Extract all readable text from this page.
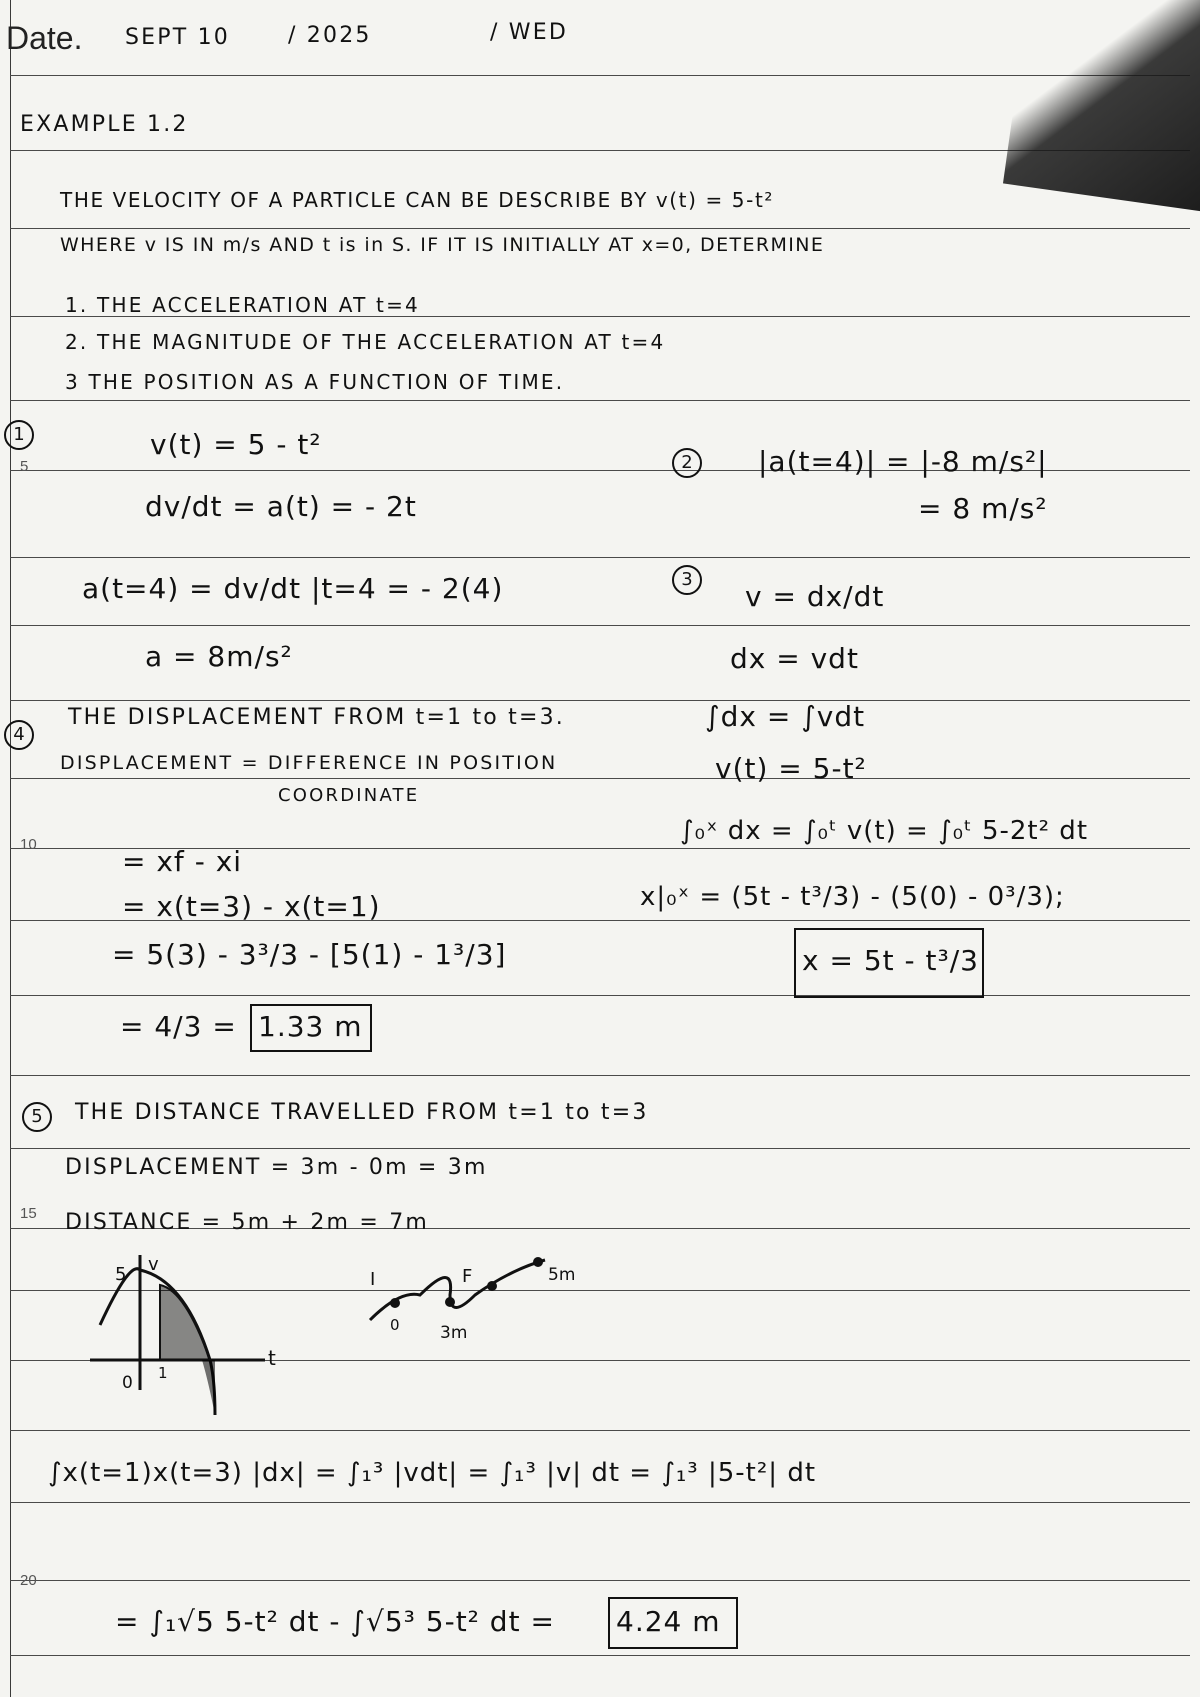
5
10
15
20
Date. SEPT 10	/ 2025	/ WED
EXAMPLE 1.2
THE VELOCITY OF A PARTICLE CAN BE DESCRIBE BY v(t) = 5-t²
WHERE v IS IN m/s AND t is in S. IF IT IS INITIALLY AT x=0, DETERMINE
1. THE ACCELERATION AT t=4
2. THE MAGNITUDE OF THE ACCELERATION AT t=4
3 THE POSITION AS A FUNCTION OF TIME.
1	v(t) = 5 - t²
dv/dt = a(t) = - 2t
a(t=4) = dv/dt |t=4 = - 2(4)
a = 8m/s²
2	|a(t=4)| = |-8 m/s²|
= 8 m/s²
3
v = dx/dt
dx = vdt
∫dx = ∫vdt
v(t) = 5-t²
∫₀ˣ dx = ∫₀ᵗ v(t) = ∫₀ᵗ 5-2t² dt
x|₀ˣ = (5t - t³/3) - (5(0) - 0³/3);
x = 5t - t³/3
4
THE DISPLACEMENT FROM t=1 to t=3.
DISPLACEMENT = DIFFERENCE IN POSITION
COORDINATE
= xf - xi
= x(t=3) - x(t=1)
= 5(3) - 3³/3 - [5(1) - 1³/3]
= 4/3 = 1.33 m
5	THE DISTANCE TRAVELLED FROM t=1 to t=3
DISPLACEMENT = 3m - 0m = 3m
DISTANCE = 5m + 2m = 7m
v
t
5
0 1
I	F
0 3m
5m
∫x(t=1)x(t=3) |dx| = ∫₁³ |vdt| = ∫₁³ |v| dt = ∫₁³ |5-t²| dt
= ∫₁√5 5-t² dt - ∫√5³ 5-t² dt = 4.24 m
